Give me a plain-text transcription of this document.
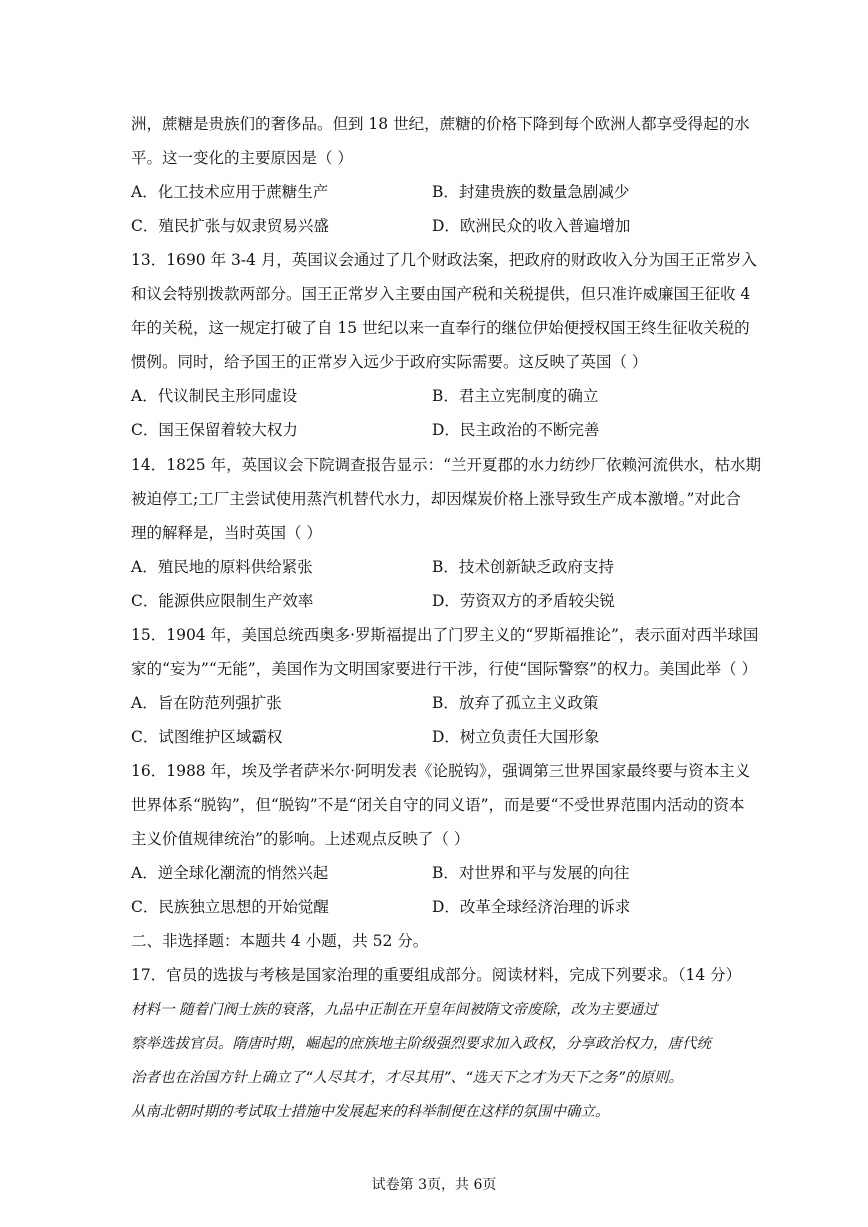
洲，蔗糖是贵族们的奢侈品。但到 18 世纪，蔗糖的价格下降到每个欧洲人都享受得起的水
平。这一变化的主要原因是（ ）
A．化工技术应用于蔗糖生产	B．封建贵族的数量急剧减少
C．殖民扩张与奴隶贸易兴盛	D．欧洲民众的收入普遍增加
13．1690 年 3-4 月，英国议会通过了几个财政法案，把政府的财政收入分为国王正常岁入
和议会特别拨款两部分。国王正常岁入主要由国产税和关税提供，但只准许威廉国王征收 4
年的关税，这一规定打破了自 15 世纪以来一直奉行的继位伊始便授权国王终生征收关税的
惯例。同时，给予国王的正常岁入远少于政府实际需要。这反映了英国（ ）
A．代议制民主形同虚设	B．君主立宪制度的确立
C．国王保留着较大权力	D．民主政治的不断完善
14．1825 年，英国议会下院调查报告显示：“兰开夏郡的水力纺纱厂依赖河流供水，枯水期
被迫停工;工厂主尝试使用蒸汽机替代水力，却因煤炭价格上涨导致生产成本激增。”对此合
理的解释是，当时英国（ ）
A．殖民地的原料供给紧张	B．技术创新缺乏政府支持
C．能源供应限制生产效率	D．劳资双方的矛盾较尖锐
15．1904 年，美国总统西奥多·罗斯福提出了门罗主义的“罗斯福推论”，表示面对西半球国
家的“妄为”“无能”，美国作为文明国家要进行干涉，行使“国际警察”的权力。美国此举（ ）
A．旨在防范列强扩张	B．放弃了孤立主义政策
C．试图维护区域霸权	D．树立负责任大国形象
16．1988 年，埃及学者萨米尔·阿明发表《论脱钩》，强调第三世界国家最终要与资本主义
世界体系“脱钩”，但“脱钩”不是“闭关自守的同义语”，而是要“不受世界范围内活动的资本
主义价值规律统治”的影响。上述观点反映了（ ）
A．逆全球化潮流的悄然兴起	B．对世界和平与发展的向往
C．民族独立思想的开始觉醒	D．改革全球经济治理的诉求
二、非选择题：本题共 4 小题，共 52 分。
17．官员的选拔与考核是国家治理的重要组成部分。阅读材料，完成下列要求。（14 分）
材料一 随着门阀士族的衰落，九品中正制在开皇年间被隋文帝废除，改为主要通过
察举选拔官员。隋唐时期，崛起的庶族地主阶级强烈要求加入政权，分享政治权力，唐代统
治者也在治国方针上确立了“人尽其才，才尽其用”、“选天下之才为天下之务”的原则。
从南北朝时期的考试取士措施中发展起来的科举制便在这样的氛围中确立。
试卷第 3页，共 6页
